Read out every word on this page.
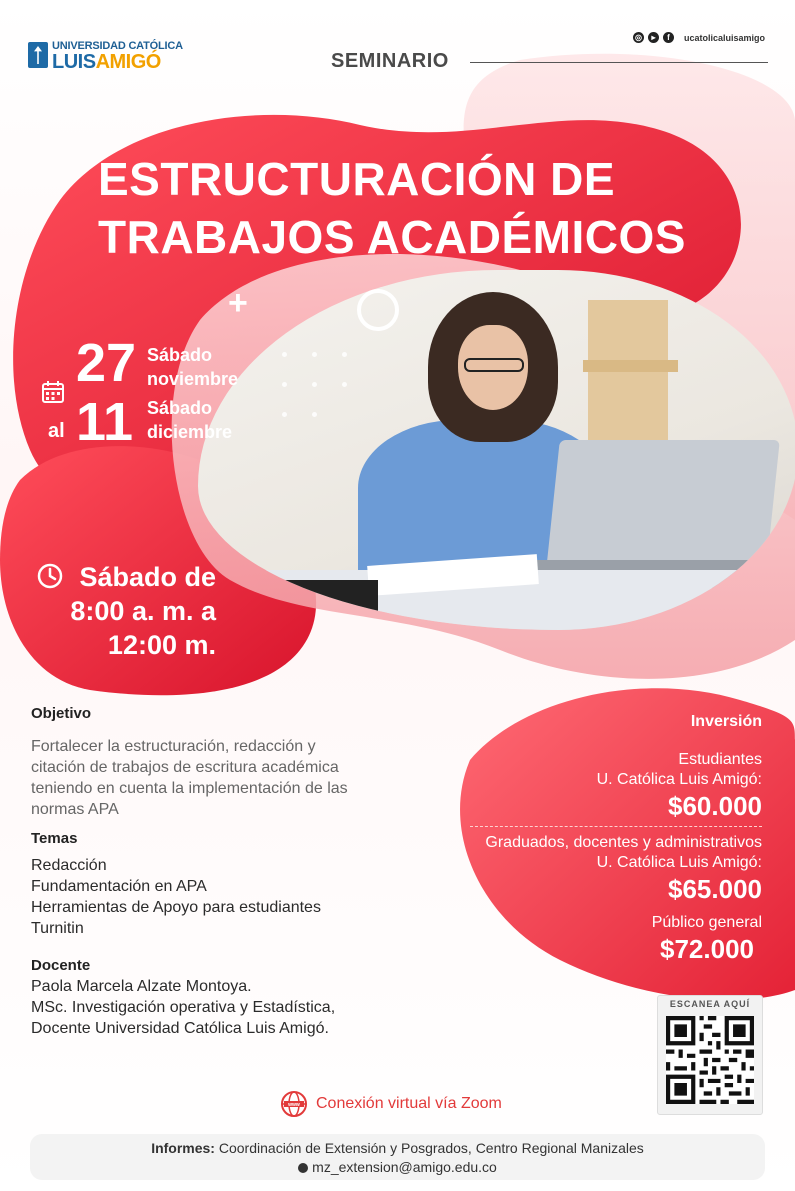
UNIVERSIDAD CATÓLICA
LUISAMIGÓ
◎	▸	f	ucatolicaluisamigo
SEMINARIO
ESTRUCTURACIÓN DE
TRABAJOS ACADÉMICOS
+
27 Sábado
noviembre
al 11 Sábado
diciembre
Sábado de
8:00 a. m. a
12:00 m.
Objetivo
Fortalecer la estructuración, redacción y citación de trabajos de escritura académica teniendo en cuenta la implementación de las normas APA
Temas
Redacción
Fundamentación en APA
Herramientas de Apoyo para estudiantes
Turnitin
Docente
Paola Marcela Alzate Montoya.
MSc. Investigación operativa y Estadística,
Docente Universidad Católica Luis Amigó.
Inversión
Estudiantes
U. Católica Luis Amigó:
$60.000
Graduados, docentes y administrativos
U. Católica Luis Amigó:
$65.000
Público general
$72.000
ESCANEA AQUÍ
www Conexión virtual vía Zoom
Informes: Coordinación de Extensión y Posgrados, Centro Regional Manizales
mz_extension@amigo.edu.co
